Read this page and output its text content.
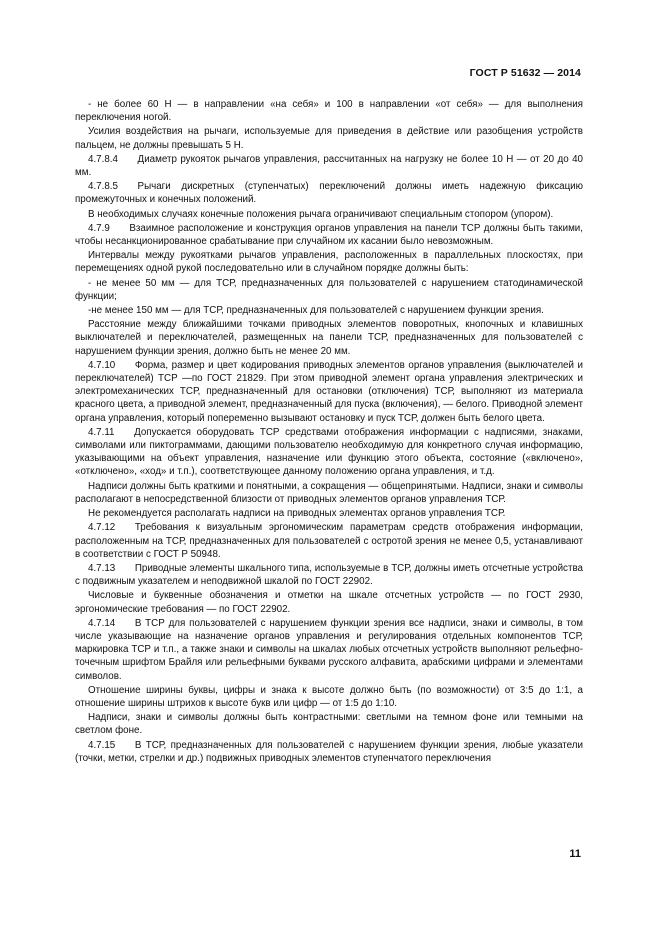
ГОСТ Р 51632 — 2014

- не более 60 Н — в направлении «на себя» и 100 в направлении «от себя» — для выполнения переключения ногой.

Усилия воздействия на рычаги, используемые для приведения в действие или разобщения устройств пальцем, не должны превышать 5 Н.

4.7.8.4  Диаметр рукояток рычагов управления, рассчитанных на нагрузку не более 10 Н — от 20 до 40 мм.

4.7.8.5  Рычаги дискретных (ступенчатых) переключений должны иметь надежную фиксацию промежуточных и конечных положений.

В необходимых случаях конечные положения рычага ограничивают специальным стопором (упором).

4.7.9  Взаимное расположение и конструкция органов управления на панели ТСР должны быть такими, чтобы несанкционированное срабатывание при случайном их касании было невозможным.

Интервалы между рукоятками рычагов управления, расположенных в параллельных плоскостях, при перемещениях одной рукой последовательно или в случайном порядке должны быть:

- не менее 50 мм — для ТСР, предназначенных для пользователей с нарушением статодинамической функции;

-не менее 150 мм — для ТСР, предназначенных для пользователей с нарушением функции зрения.

Расстояние между ближайшими точками приводных элементов поворотных, кнопочных и клавишных выключателей и переключателей, размещенных на панели ТСР, предназначенных для пользователей с нарушением функции зрения, должно быть не менее 20 мм.

4.7.10  Форма, размер и цвет кодирования приводных элементов органов управления (выключателей и переключателей) ТСР —по ГОСТ 21829. При этом приводной элемент органа управления электрических и электромеханических ТСР, предназначенный для остановки (отключения) ТСР, выполняют из материала красного цвета, а приводной элемент, предназначенный для пуска (включения), — белого. Приводной элемент органа управления, который попеременно вызывают остановку и пуск ТСР, должен быть белого цвета.

4.7.11  Допускается оборудовать ТСР средствами отображения информации с надписями, знаками, символами или пиктограммами, дающими пользователю необходимую для конкретного случая информацию, указывающими на объект управления, назначение или функцию этого объекта, состояние («включено», «отключено», «ход» и т.п.), соответствующее данному положению органа управления, и т.д.

Надписи должны быть краткими и понятными, а сокращения — общепринятыми. Надписи, знаки и символы располагают в непосредственной близости от приводных элементов органов управления ТСР.

Не рекомендуется располагать надписи на приводных элементах органов управления ТСР.

4.7.12  Требования к визуальным эргономическим параметрам средств отображения информации, расположенным на ТСР, предназначенных для пользователей с остротой зрения не менее 0,5, устанавливают в соответствии с ГОСТ Р 50948.

4.7.13  Приводные элементы шкального типа, используемые в ТСР, должны иметь отсчетные устройства с подвижным указателем и неподвижной шкалой по ГОСТ 22902.

Числовые и буквенные обозначения и отметки на шкале отсчетных устройств — по ГОСТ 2930, эргономические требования — по ГОСТ 22902.

4.7.14  В ТСР для пользователей с нарушением функции зрения все надписи, знаки и символы, в том числе указывающие на назначение органов управления и регулирования отдельных компонентов ТСР, маркировка ТСР и т.п., а также знаки и символы на шкалах любых отсчетных устройств выполняют рельефно-точечным шрифтом Брайля или рельефными буквами русского алфавита, арабскими цифрами и элементами символов.

Отношение ширины буквы, цифры и знака к высоте должно быть (по возможности) от 3:5 до 1:1, а отношение ширины штрихов к высоте букв или цифр — от 1:5 до 1:10.

Надписи, знаки и символы должны быть контрастными: светлыми на темном фоне или темными на светлом фоне.

4.7.15  В ТСР, предназначенных для пользователей с нарушением функции зрения, любые указатели (точки, метки, стрелки и др.) подвижных приводных элементов ступенчатого переключения

11
